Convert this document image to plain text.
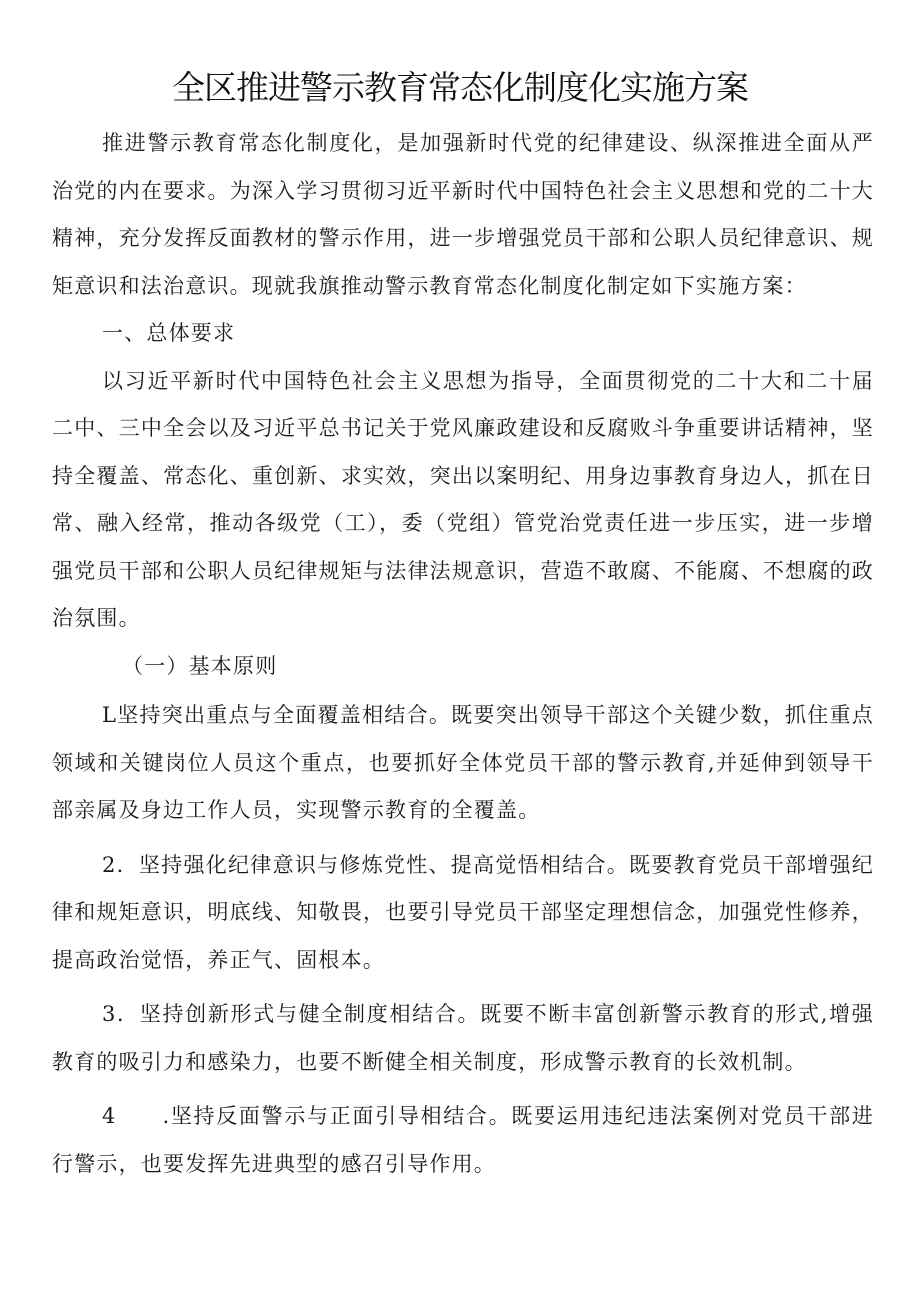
全区推进警示教育常态化制度化实施方案

推进警示教育常态化制度化，是加强新时代党的纪律建设、纵深推进全面从严治党的内在要求。为深入学习贯彻习近平新时代中国特色社会主义思想和党的二十大精神，充分发挥反面教材的警示作用，进一步增强党员干部和公职人员纪律意识、规矩意识和法治意识。现就我旗推动警示教育常态化制度化制定如下实施方案：

一、总体要求

以习近平新时代中国特色社会主义思想为指导，全面贯彻党的二十大和二十届二中、三中全会以及习近平总书记关于党风廉政建设和反腐败斗争重要讲话精神，坚持全覆盖、常态化、重创新、求实效，突出以案明纪、用身边事教育身边人，抓在日常、融入经常，推动各级党（工），委（党组）管党治党责任进一步压实，进一步增强党员干部和公职人员纪律规矩与法律法规意识，营造不敢腐、不能腐、不想腐的政治氛围。

（一）基本原则

L坚持突出重点与全面覆盖相结合。既要突出领导干部这个关键少数，抓住重点领域和关键岗位人员这个重点，也要抓好全体党员干部的警示教育,并延伸到领导干部亲属及身边工作人员，实现警示教育的全覆盖。

2．坚持强化纪律意识与修炼党性、提高觉悟相结合。既要教育党员干部增强纪律和规矩意识，明底线、知敬畏，也要引导党员干部坚定理想信念，加强党性修养，提高政治觉悟，养正气、固根本。

3．坚持创新形式与健全制度相结合。既要不断丰富创新警示教育的形式,增强教育的吸引力和感染力，也要不断健全相关制度，形成警示教育的长效机制。

4　　.坚持反面警示与正面引导相结合。既要运用违纪违法案例对党员干部进行警示，也要发挥先进典型的感召引导作用。
